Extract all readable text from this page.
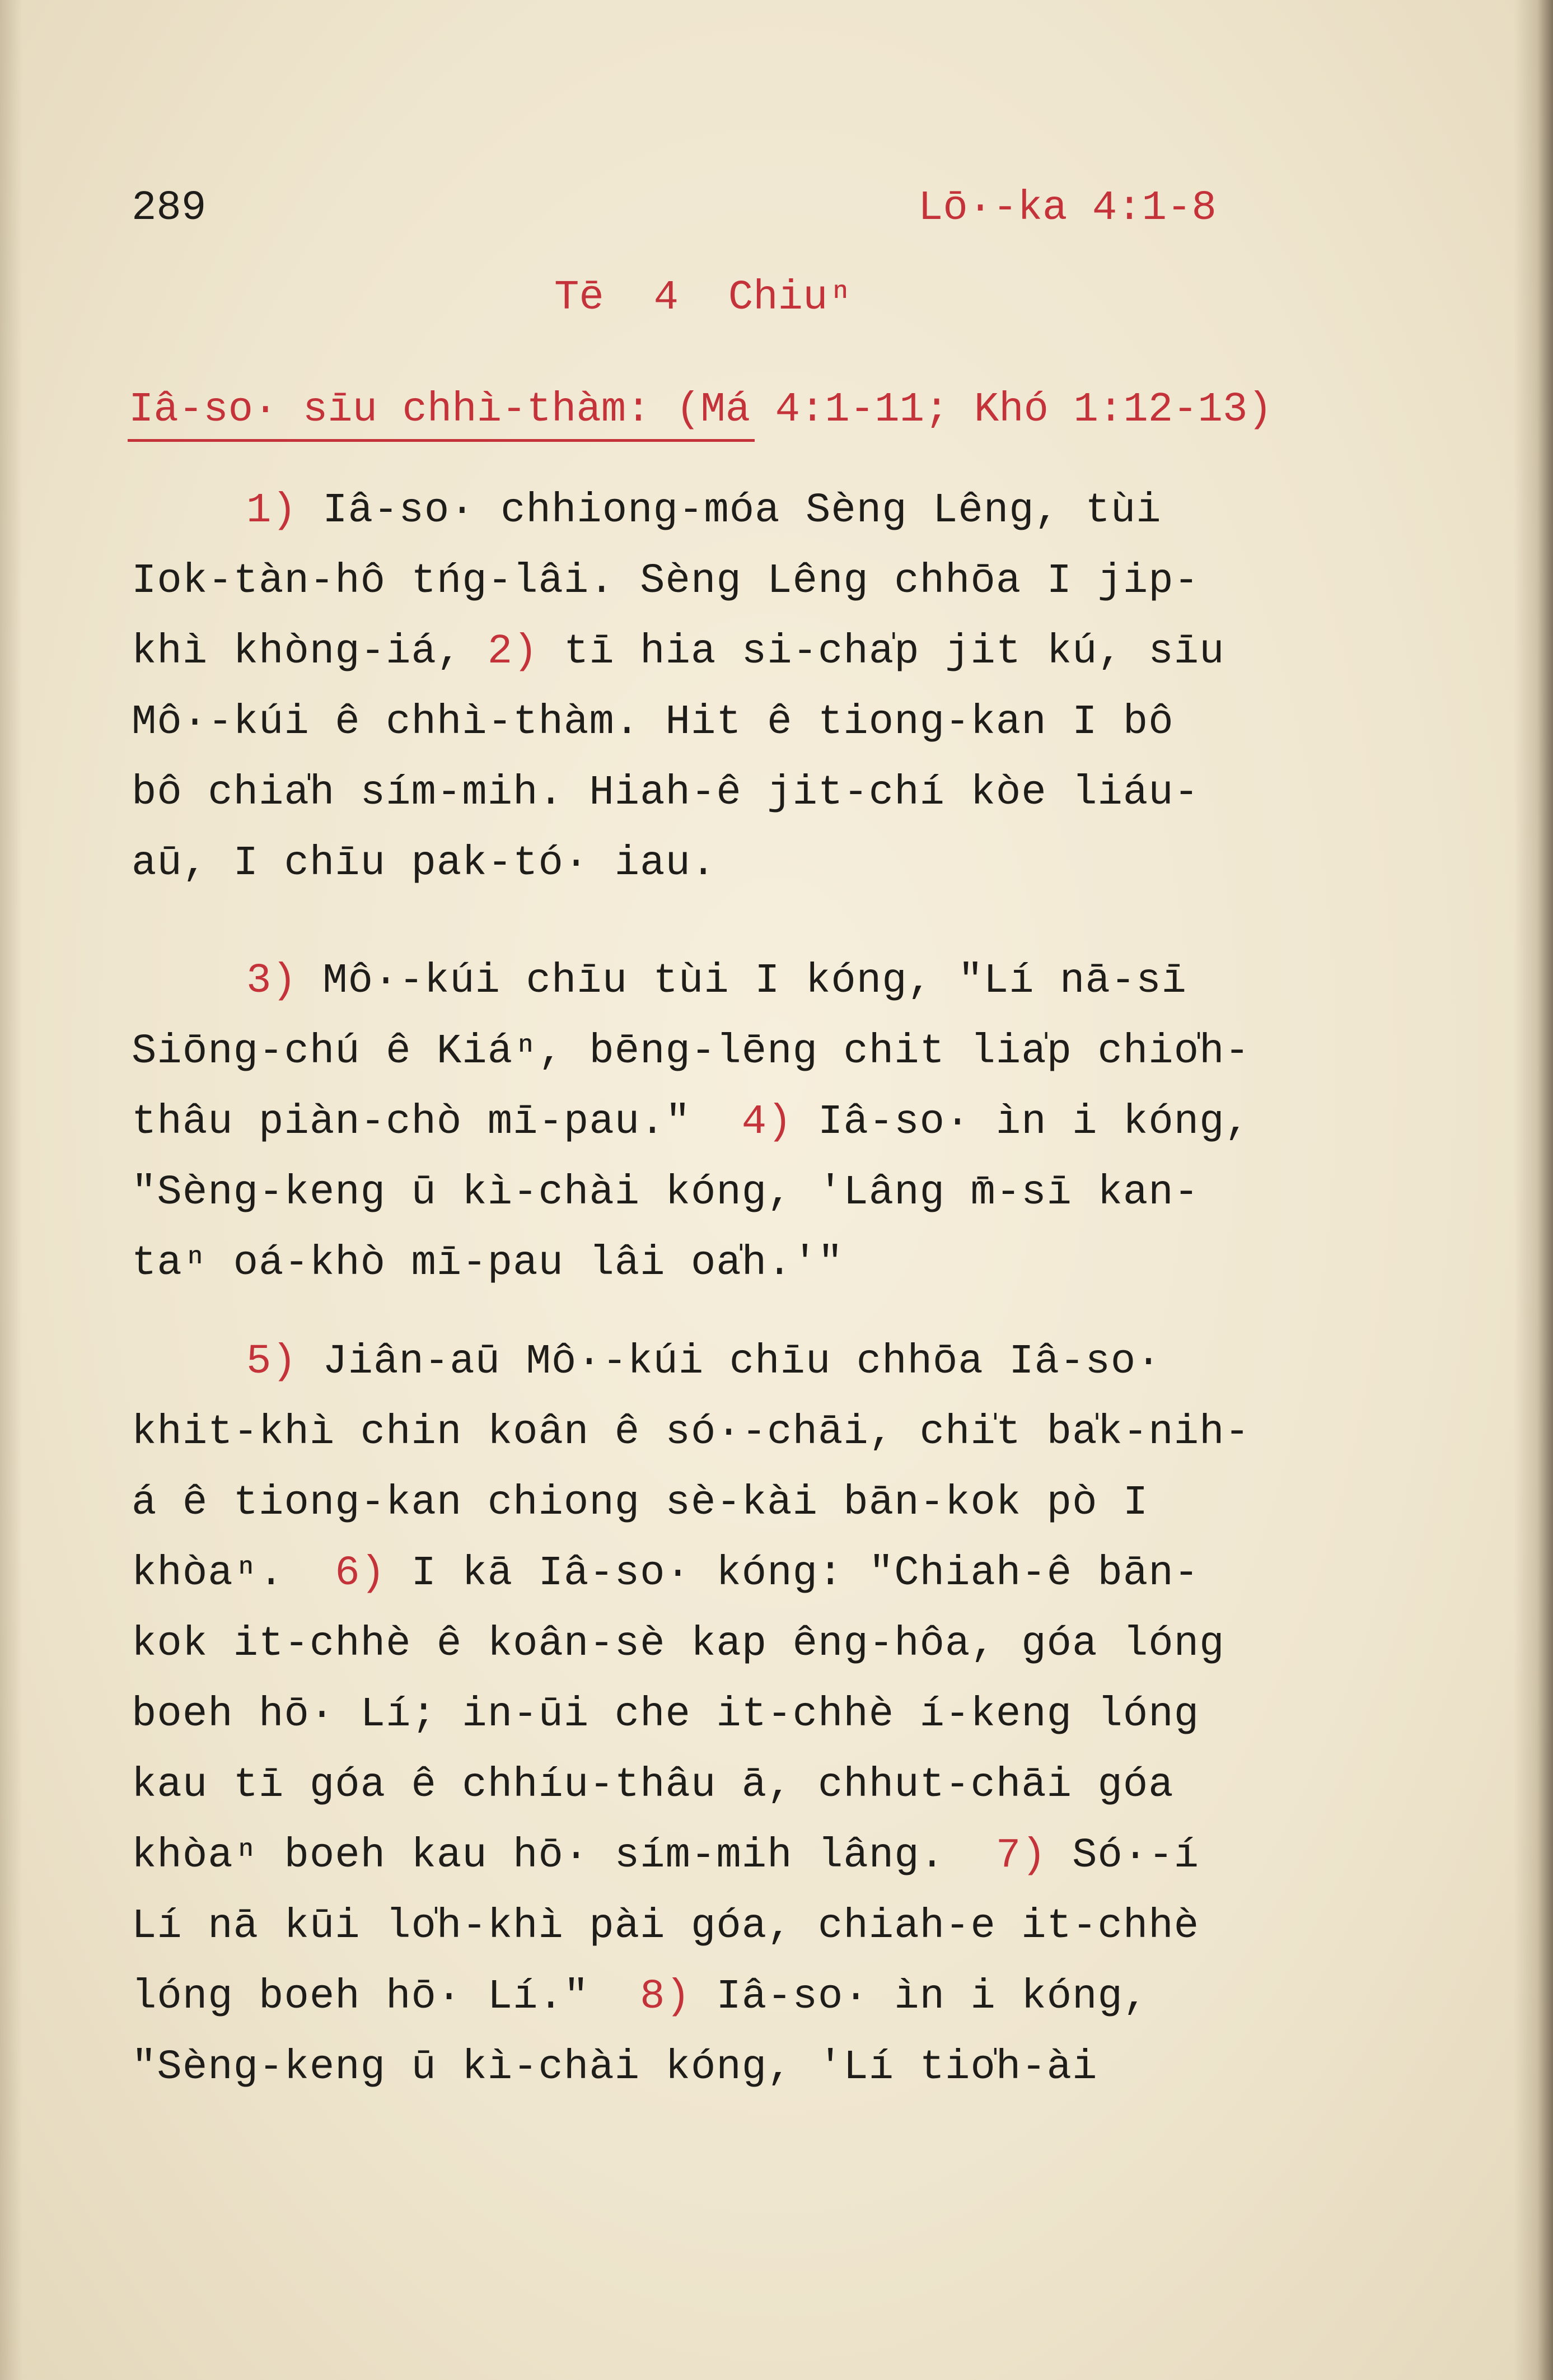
289	Lō·-ka 4:1-8
Tē  4  Chiuⁿ
Iâ-so· sīu chhì-thàm: (Má 4:1-11; Khó 1:12-13)
1) Iâ-so· chhiong-móa Sèng Lêng, tùi
Iok-tàn-hô tńg-lâi. Sèng Lêng chhōa I jip-
khì khòng-iá, 2) tī hia si-cha̍p jit kú, sīu
Mô·-kúi ê chhì-thàm. Hit ê tiong-kan I bô
bô chia̍h sím-mih. Hiah-ê jit-chí kòe liáu-
aū, I chīu pak-tó· iau.
3) Mô·-kúi chīu tùi I kóng, "Lí nā-sī
Siōng-chú ê Kiáⁿ, bēng-lēng chit lia̍p chio̍h-
thâu piàn-chò mī-pau." 4) Iâ-so· ìn i kóng,
"Sèng-keng ū kì-chài kóng, 'Lâng m̄-sī kan-
taⁿ oá-khò mī-pau lâi oa̍h.'"
5) Jiân-aū Mô·-kúi chīu chhōa Iâ-so·
khit-khì chin koân ê só·-chāi, chi̍t ba̍k-nih-
á ê tiong-kan chiong sè-kài bān-kok pò I
khòaⁿ. 6) I kā Iâ-so· kóng: "Chiah-ê bān-
kok it-chhè ê koân-sè kap êng-hôa, góa lóng
boeh hō· Lí; in-ūi che it-chhè í-keng lóng
kau tī góa ê chhíu-thâu ā, chhut-chāi góa
khòaⁿ boeh kau hō· sím-mih lâng. 7) Só·-í
Lí nā kūi lo̍h-khì pài góa, chiah-e it-chhè
lóng boeh hō· Lí." 8) Iâ-so· ìn i kóng,
"Sèng-keng ū kì-chài kóng, 'Lí tio̍h-ài
